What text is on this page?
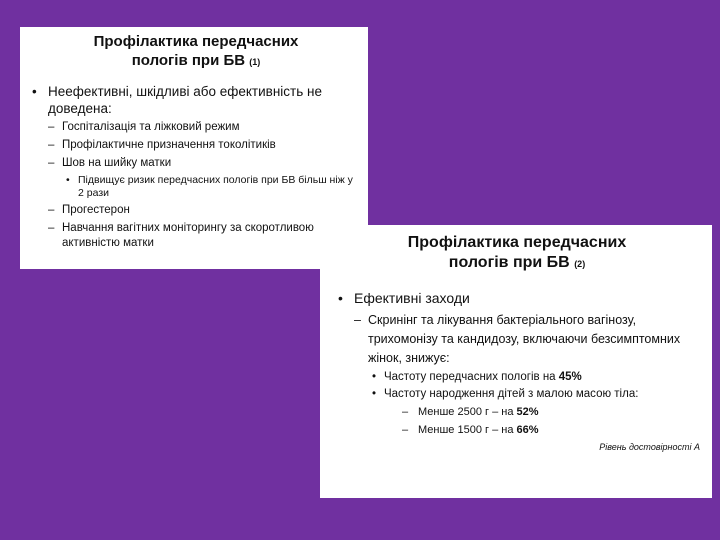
Профілактика передчасних
пологів при БВ (1)
• Неефективні, шкідливі або ефективність не доведена:
– Госпіталізація та ліжковий режим
– Профілактичне призначення токолітиків
– Шов на шийку матки
• Підвищує ризик передчасних пологів при БВ більш ніж у 2 рази
– Прогестерон
– Навчання вагітних моніторингу за скоротливою активністю матки	Профілактика передчасних
пологів при БВ (2)
• Ефективні заходи
– Скринінг та лікування бактеріального вагінозу, трихомонізу та кандидозу, включаючи безсимптомних жінок, знижує:
• Частоту передчасних пологів на 45%
• Частоту народження дітей з малою масою тіла:
– Менше 2500 г – на 52%
– Менше 1500 г – на 66%
Рівень достовірності А
